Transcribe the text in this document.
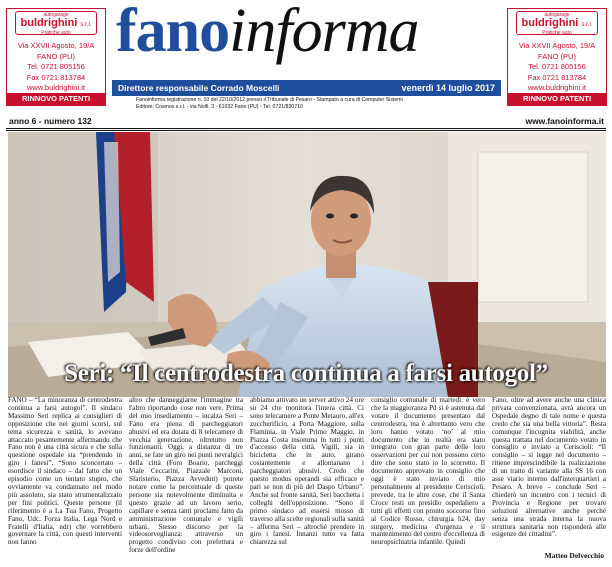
autogarage
buldrighini s.r.l.
Pratiche auto
Via XXVII Agosto, 19/A
FANO (PU)
Tel. 0721 805156
Fax 0721 813784
www.buldrighini.it
RINNOVO PATENTI
autogarage
buldrighini s.r.l.
Pratiche auto
Via XXVII Agosto, 19/A
FANO (PU)
Tel. 0721 805156
Fax 0721 813784
www.buldrighini.it
RINNOVO PATENTI
fanoinforma
Direttore responsabile Corrado Moscelli	venerdì 14 luglio 2017
Fanoinforma registrazione n. 10 del 22/10/2012 presso il Tribunale di Pesaro - Stampato a cura di Computer Sistemi
Editore: Cosmos s.r.l. - via Nolfi, 3 - 61032 Fano (PU) - Tel. 0721/830710
anno 6 - numero 132	www.fanoinforma.it
Seri: “Il centrodestra continua a farsi autogol”
FANO – “La minoranza di centrodestra continua a farsi autogol”. Il sindaco Massimo Seri replica ai consiglieri di opposizione che nei giorni scorsi, sul tema sicurezza e sanità, lo avevano attaccato pesantemente affermando che Fano non è una città sicura e che sulla questione ospedale sta “prendendo in giro i fanesi”. “Sono sconcertato – esordisce il sindaco – dal fatto che un episodio come un tentato stupro, che ovviamente va condannato nel modo più assoluto, sia stato strumentalizzato per fini politici. Queste persone (il riferimento è a La Tua Fano, Progetto Fano, Udc, Forza Italia, Lega Nord e Fratelli d'Italia, ndr) che vorrebbero governare la città, con questi interventi non fanno
altro che danneggiarne l'immagine tra l'altro riportando cose non vere. Prima del mio insediamento – incalza Seri – Fano era piena di parcheggiatori abusivi ed era dotata di 8 telecamere di vecchia generazione, oltretutto non funzionanti. Oggi, a distanza di tre anni, se fate un giro nei punti nevralgici della città (Foro Boario, parcheggi Viale Ceccarini, Piazzale Marconi, Sfaristerio, Piazza Avveduti) potrete notare come la percentuale di queste persone sia notevolmente diminuita e questo grazie ad un lavoro serio, capillare e senza tanti proclami fatto da amministrazione comunale e vigili urbani. Stesso discorso per la videosorveglianza: attraverso un progetto condiviso con prefettura e forze dell'ordine
abbiamo attivato un server attivo 24 ore su 24 che monitora l'intera città. Ci sono telecamere a Ponte Metauro, all'ex zuccherificio, a Porta Maggiore, sulla Flaminia, in Viale Primo Maggio, in Piazza Costa insomma in tutti i punti d'accesso della città. Vigili, sia in bicicletta che in auto, girano costantemente e allontanano i parcheggiatori abusivi. Credo che questo modus operandi sia efficace e pari se non di più del Daspo Urbano”. Anche sul fronte sanità, Seri bacchetta i colleghi dell'opposizione. “Sono il primo sindaco ad essersi mosso di traverso alla scelte regionali sulla sanità – afferma Seri – altroché prendere in giro i fanesi. Innanzi tutto va fatta chiarezza sul
consiglio comunale di martedì: è vero che la maggioranza Pd si è astenuta dal votare il documento presentato dal centrodestra, ma è altrettanto vero che loro hanno votato ‘no’ al mio documento che in realtà era stato integrato con gran parte delle loro osservazioni per cui non possono certo dire che sono stato io lo scorretto. Il documento approvato in consiglio che oggi è stato inviato di mio personalmente al presidente Ceriscioli, prevede, tra le altre cose, che il Santa Croce resti un presidio ospedaliero a tutti gli effetti con pronto soccorso fino al Codice Rosso, chirurgia h24, day surgery, medicina d'urgenza e il mantenimento del centro d'eccellenza di neuropsichiatria infantile. Quindi
Fano, oltre ad avere anche una clinica privata convenzionata, avrà ancora un Ospedale degno di tale nome e questa credo che sia una bella vittoria”. Resta comunque l'incognita viabilità, anche questa trattata nel documento votato in consiglio e inviato a Ceriscioli: “Il consiglio – si legge nel documento – ritiene imprescindibile la realizzazione di un tratto di variante alla SS 16 con asse viario interno dall'interquartieri a Pesaro. A breve – conclude Seri – chiederò un incontro con i tecnici di Provincia e Regione per trovare soluzioni alternative anche perché senza una strada interna la nuova struttura sanitaria non risponderà alle esigenze dei cittadini”.
Matteo Delvecchio
